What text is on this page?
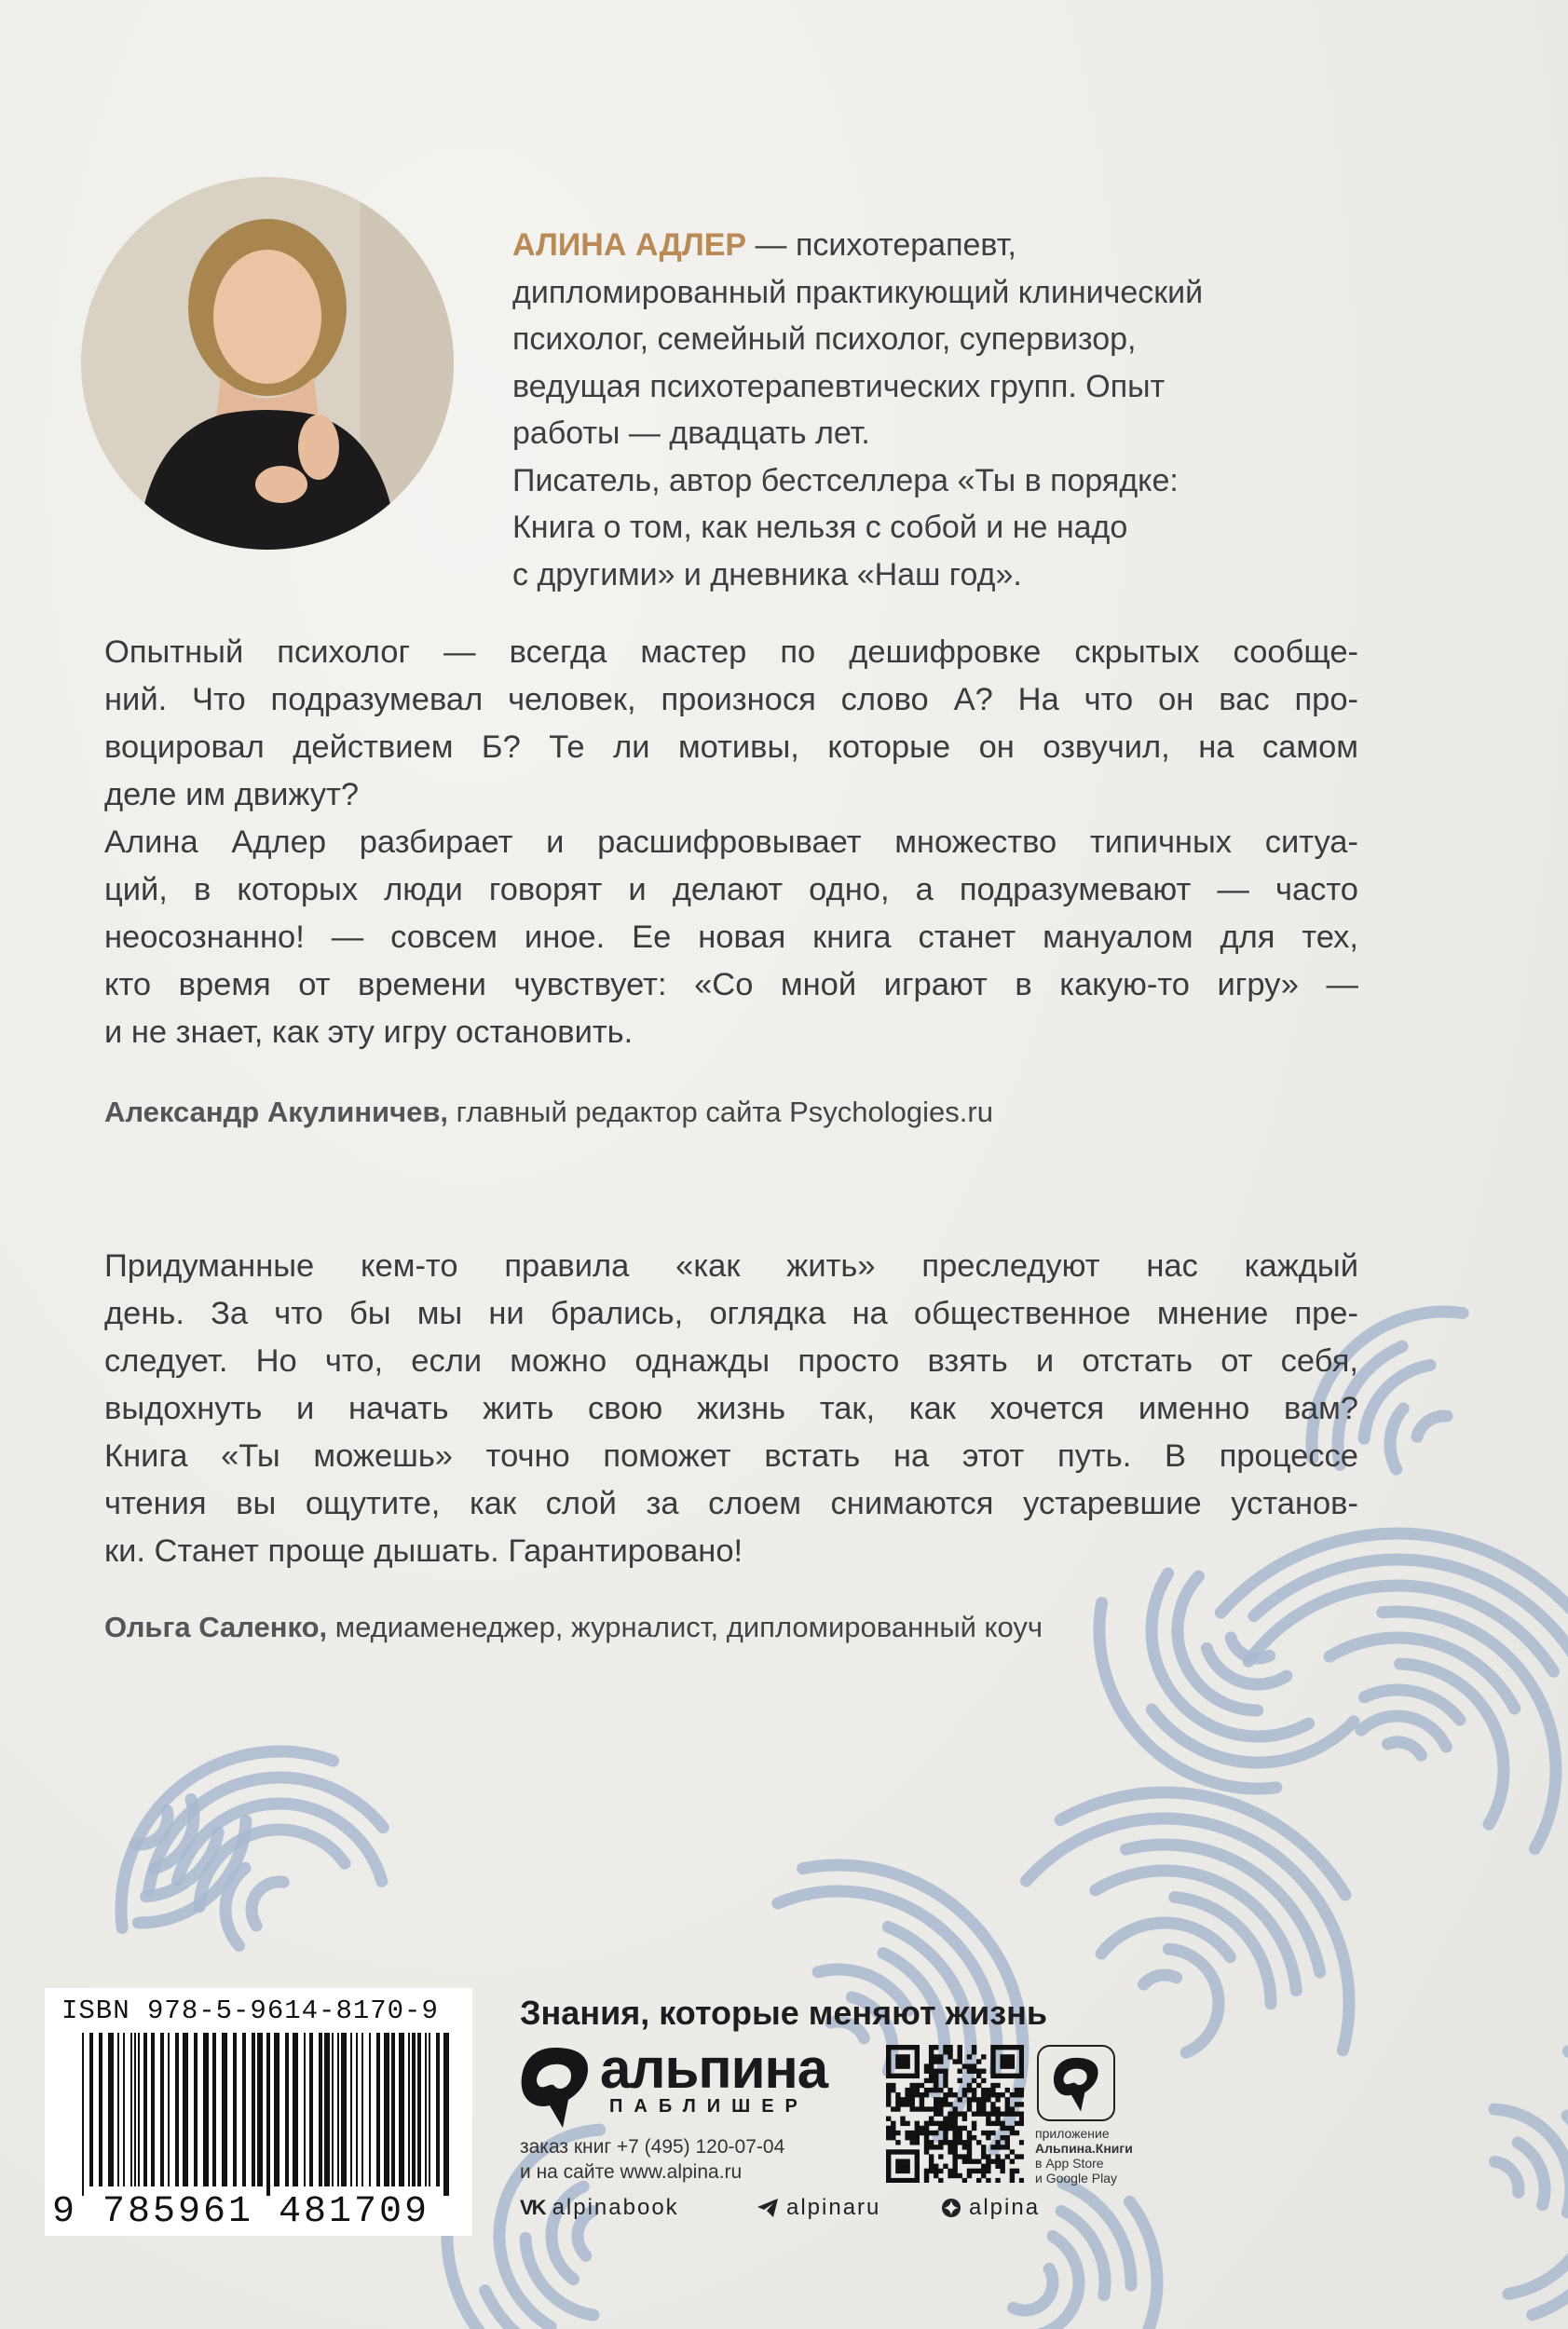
АЛИНА АДЛЕР — психотерапевт,
дипломированный практикующий клинический
психолог, семейный психолог, супервизор,
ведущая психотерапевтических групп. Опыт
работы — двадцать лет.
Писатель, автор бестселлера «Ты в порядке:
Книга о том, как нельзя с собой и не надо
с другими» и дневника «Наш год».
Опытный психолог — всегда мастер по дешифровке скрытых сообще-
ний. Что подразумевал человек, произнося слово А? На что он вас про-
воцировал действием Б? Те ли мотивы, которые он озвучил, на самом
деле им движут?
Алина Адлер разбирает и расшифровывает множество типичных ситуа-
ций, в которых люди говорят и делают одно, а подразумевают — часто
неосознанно! — совсем иное. Ее новая книга станет мануалом для тех,
кто время от времени чувствует: «Со мной играют в какую-то игру» —
и не знает, как эту игру остановить.
Александр Акулиничев, главный редактор сайта Psychologies.ru
Придуманные кем-то правила «как жить» преследуют нас каждый
день. За что бы мы ни брались, оглядка на общественное мнение пре-
следует. Но что, если можно однажды просто взять и отстать от себя,
выдохнуть и начать жить свою жизнь так, как хочется именно вам?
Книга «Ты можешь» точно поможет встать на этот путь. В процессе
чтения вы ощутите, как слой за слоем снимаются устаревшие установ-
ки. Станет проще дышать. Гарантировано!
Ольга Саленко, медиаменеджер, журналист, дипломированный коуч
ISBN 978-5-9614-8170-9
9 785961 481709
Знания, которые меняют жизнь
альпина
ПАБЛИШЕР
заказ книг +7 (495) 120-07-04
и на сайте www.alpina.ru
VK alpinabook	alpinaru	alpina
приложение
Альпина.Книги
в App Store
и Google Play
